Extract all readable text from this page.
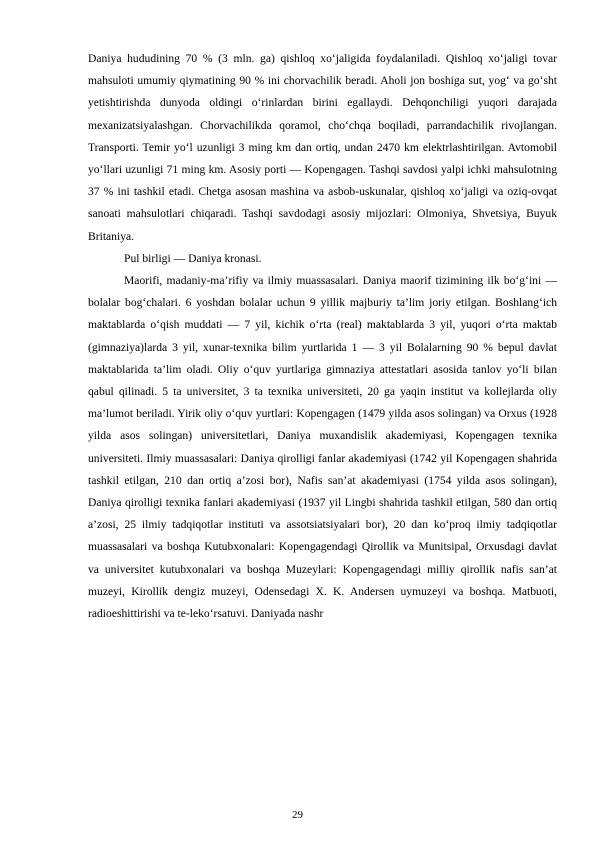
Daniya hududining 70 % (3 mln. ga) qishloq xo‘jaligida foydalaniladi. Qishloq xo‘jaligi tovar mahsuloti umumiy qiymatining 90 % ini chorvachilik beradi. Aholi jon boshiga sut, yog‘ va go‘sht yetishtirishda dunyoda oldingi o‘rinlardan birini egallaydi. Dehqonchiligi yuqori darajada mexanizatsiyalashgan. Chorvachilikda qoramol, cho‘chqa boqiladi, parrandachilik rivojlangan. Transporti. Temir yo‘l uzunligi 3 ming km dan ortiq, undan 2470 km elektrlashtirilgan. Avtomobil yo‘llari uzunligi 71 ming km. Asosiy porti — Kopengagen. Tashqi savdosi yalpi ichki mahsulotning 37 % ini tashkil etadi. Chetga asosan mashina va asbob-uskunalar, qishloq xo‘jaligi va oziq-ovqat sanoati mahsulotlari chiqaradi. Tashqi savdodagi asosiy mijozlari: Olmoniya, Shvetsiya, Buyuk Britaniya.

Pul birligi — Daniya kronasi.

Maorifi, madaniy-ma’rifiy va ilmiy muassasalari. Daniya maorif tizimining ilk bo‘g‘ini — bolalar bog‘chalari. 6 yoshdan bolalar uchun 9 yillik majburiy ta’lim joriy etilgan. Boshlang‘ich maktablarda o‘qish muddati — 7 yil, kichik o‘rta (real) maktablarda 3 yil, yuqori o‘rta maktab (gimnaziya)larda 3 yil, xunar-texnika bilim yurtlarida 1 — 3 yil Bolalarning 90 % bepul davlat maktablarida ta’lim oladi. Oliy o‘quv yurtlariga gimnaziya attestatlari asosida tanlov yo‘li bilan qabul qilinadi. 5 ta universitet, 3 ta texnika universiteti, 20 ga yaqin institut va kollejlarda oliy ma’lumot beriladi. Yirik oliy o‘quv yurtlari: Kopengagen (1479 yilda asos solingan) va Orxus (1928 yilda asos solingan) universitetlari, Daniya muxandislik akademiyasi, Kopengagen texnika universiteti. Ilmiy muassasalari: Daniya qirolligi fanlar akademiyasi (1742 yil Kopengagen shahrida tashkil etilgan, 210 dan ortiq a’zosi bor), Nafis san’at akademiyasi (1754 yilda asos solingan), Daniya qirolligi texnika fanlari akademiyasi (1937 yil Lingbi shahrida tashkil etilgan, 580 dan ortiq a’zosi, 25 ilmiy tadqiqotlar instituti va assotsiatsiyalari bor), 20 dan ko‘proq ilmiy tadqiqotlar muassasalari va boshqa Kutubxonalari: Kopengagendagi Qirollik va Munitsipal, Orxusdagi davlat va universitet kutubxonalari va boshqa Muzeylari: Kopengagendagi milliy qirollik nafis san’at muzeyi, Kirollik dengiz muzeyi, Odensedagi X. K. Andersen uymuzeyi va boshqa. Matbuoti, radioeshittirishi va te-leko‘rsatuvi. Daniyada nashr

29
